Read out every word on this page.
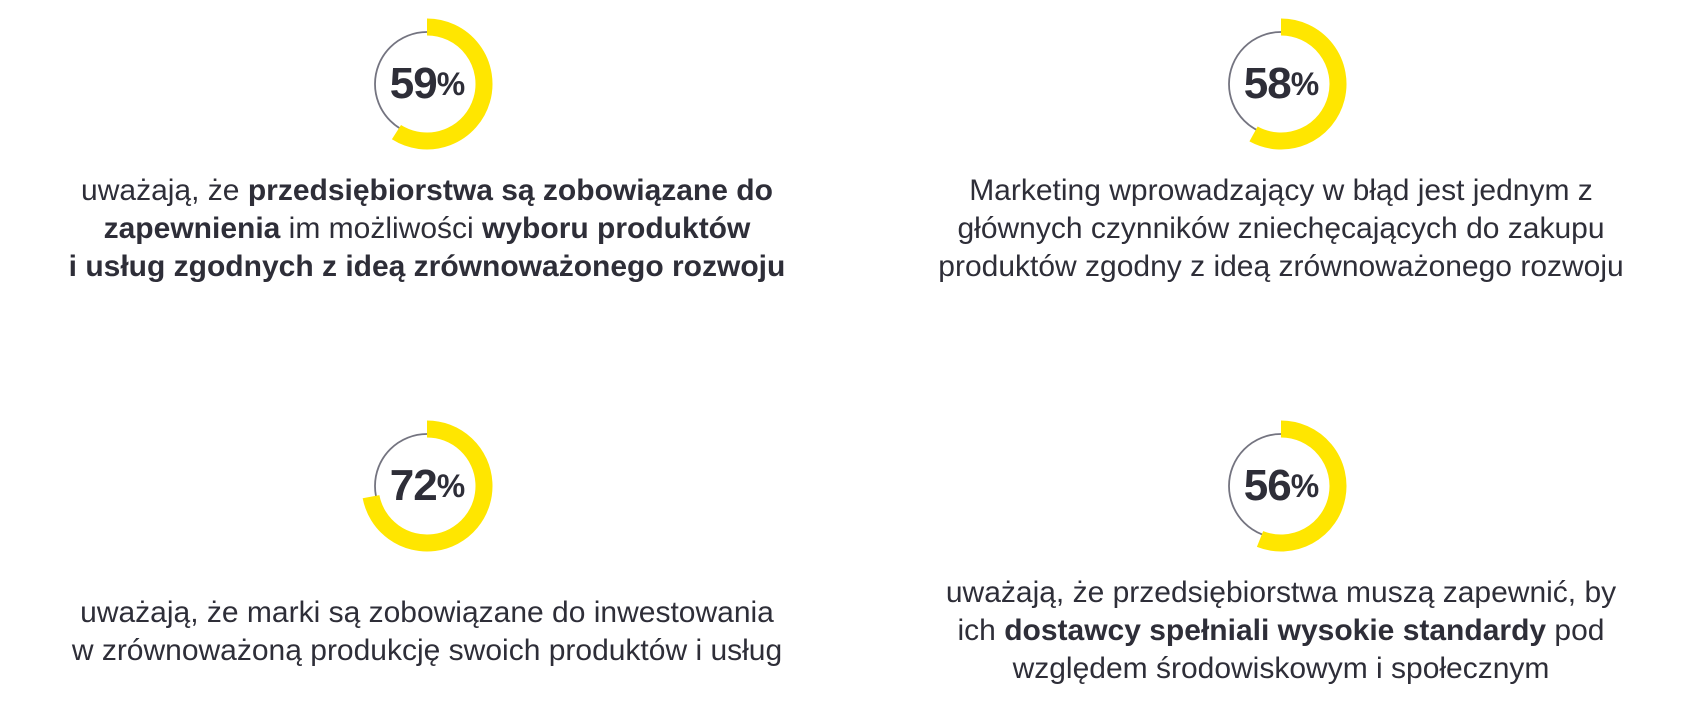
59 %

uważają, że przedsiębiorstwa są zobowiązane do
zapewnienia im możliwości wyboru produktów
i usług zgodnych z ideą zrównoważonego rozwoju

58 %

Marketing wprowadzający w błąd jest jednym z
głównych czynników zniechęcających do zakupu
produktów zgodny z ideą zrównoważonego rozwoju

72 %

uważają, że marki są zobowiązane do inwestowania
w zrównoważoną produkcję swoich produktów i usług

56 %

uważają, że przedsiębiorstwa muszą zapewnić, by
ich dostawcy spełniali wysokie standardy pod
względem środowiskowym i społecznym
